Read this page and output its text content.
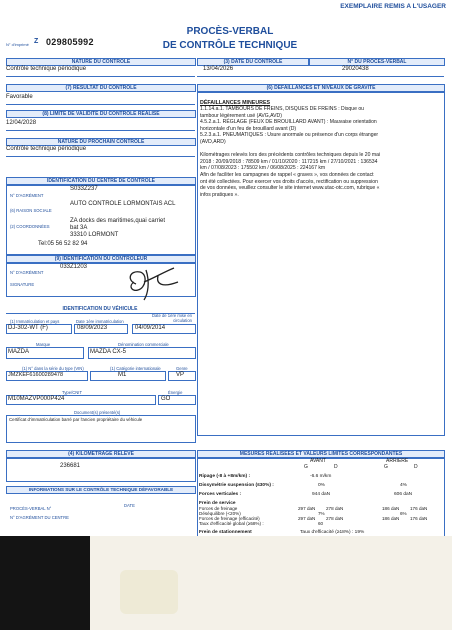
EXEMPLAIRE REMIS A L'USAGER
N° d'imprimé Z 029805992
PROCÈS-VERBAL
DE CONTRÔLE TECHNIQUE
NATURE DU CONTRÔLE
Contrôle technique périodique
(7) RÉSULTAT DU CONTRÔLE
Favorable
(8) LIMITE DE VALIDITÉ DU CONTRÔLE RÉALISÉ
12/04/2028
NATURE DU PROCHAIN CONTRÔLE
Contrôle technique périodique
IDENTIFICATION DU CENTRE DE CONTRÔLE
N° D'AGRÉMENT
S033Z237
(6) RAISON SOCIALE
AUTO CONTROLE LORMONTAIS ACL
(2) COORDONNÉES
ZA docks des maritimes,quai carriet
bat 3A
33310 LORMONT
Tel:05 56 52 82 94
(9) IDENTIFICATION DU CONTRÔLEUR
N° D'AGRÉMENT
033Z1203
SIGNATURE
IDENTIFICATION DU VÉHICULE
(1) Immatriculation et pays
DJ-302-WT (F)
Date 1ère immatriculation
08/09/2023
Date de 1ère mise en circulation
04/09/2014
Marque
MAZDA
Dénomination commerciale
MAZDA CX-5
(1) N° dans la série du type (VIN)
JMZKEF61600289478
(1) Catégorie internationale
M1
Genre
VP
Type/CNIT
M10MAZVP000P424
Énergie
GO
Document(s) présenté(s)
Certificat d'immatriculation barré par l'ancien propriétaire du véhicule
(4) KILOMÉTRAGE RELEVÉ
236681
INFORMATIONS SUR LE CONTRÔLE TECHNIQUE DÉFAVORABLE
PROCÈS-VERBAL N°
DATE
N° D'AGRÉMENT DU CENTRE
(3) DATE DU CONTRÔLE
13/04/2026
N° DU PROCÈS-VERBAL
29020438
(6) DÉFAILLANCES ET NIVEAUX DE GRAVITÉ
DÉFAILLANCES MINEURES
1.1.14.a.1. TAMBOURS DE FREINS, DISQUES DE FREINS : Disque ou
tambour légèrement usé (AVG,AVD)
4.5.2.a.1. RÉGLAGE (FEUX DE BROUILLARD AVANT) : Mauvaise orientation
horizontale d'un feu de brouillard avant (D)
5.2.3.a.1. PNEUMATIQUES : Usure anormale ou présence d'un corps étranger
(AVD,ARD)
Kilométrages relevés lors des précédents contrôles techniques depuis le 20 mai
2018 : 20/09/2018 : 78509 km / 01/10/2020 : 117215 km / 27/10/2021 : 136534
km / 07/08/2023 : 175502 km / 06/08/2025 : 224167 km
Afin de faciliter les campagnes de rappel « graves », vos données de contact
ont été collectées. Pour exercer vos droits d'accès, rectification ou suppression
de vos données, veuillez consulter le site internet www.utac-otc.com, rubrique «
infos pratiques ».
MESURES RÉALISÉES ET VALEURS LIMITES CORRESPONDANTES
AVANT	ARRIERE
G	D	G	D
Ripage (-8 à +8m/km) :	-6.6 m/km
Dissymétrie suspension (≤30%) :	0%	4%
Forces verticales :	944 daN	606 daN
Frein de service
Forces de freinage	297 daN 278 daN	186 daN 176 daN
Déséquilibre (<20%)	7%	6%
Forces de freinage (efficacité)	297 daN 278 daN	186 daN 176 daN
Taux d'efficacité global (≥58%) :	60
Frein de stationnement	Taux d'efficacité (≥18%) : 19%
